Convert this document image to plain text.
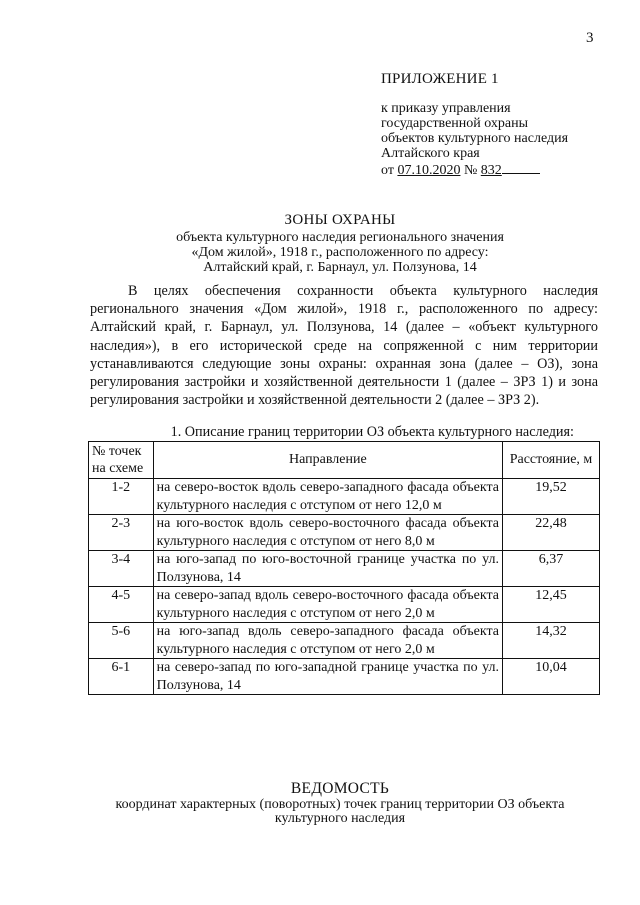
3
ПРИЛОЖЕНИЕ 1
к приказу управления
государственной охраны
объектов культурного наследия
Алтайского края
от 07.10.2020 № 832
ЗОНЫ ОХРАНЫ
объекта культурного наследия регионального значения
«Дом жилой», 1918 г., расположенного по адресу:
Алтайский край, г. Барнаул, ул. Ползунова, 14

В целях обеспечения сохранности объекта культурного наследия регионального значения «Дом жилой», 1918 г., расположенного по адресу: Алтайский край, г. Барнаул, ул. Ползунова, 14 (далее – «объект культурного наследия»), в его исторической среде на сопряженной с ним территории устанавливаются следующие зоны охраны: охранная зона (далее – ОЗ), зона регулирования застройки и хозяйственной деятельности 1 (далее – ЗРЗ 1) и зона регулирования застройки и хозяйственной деятельности 2 (далее – ЗРЗ 2).

1. Описание границ территории ОЗ объекта культурного наследия:
№ точек на схеме	Направление	Расстояние, м
1-2	на северо-восток вдоль северо-западного фасада объекта культурного наследия с отступом от него 12,0 м	19,52
2-3	на юго-восток вдоль северо-восточного фасада объекта культурного наследия с отступом от него 8,0 м	22,48
3-4	на юго-запад по юго-восточной границе участка по ул. Ползунова, 14	6,37
4-5	на северо-запад вдоль северо-восточного фасада объекта культурного наследия с отступом от него 2,0 м	12,45
5-6	на юго-запад вдоль северо-западного фасада объекта культурного наследия с отступом от него 2,0 м	14,32
6-1	на северо-запад по юго-западной границе участка по ул. Ползунова, 14	10,04
ВЕДОМОСТЬ
координат характерных (поворотных) точек границ территории ОЗ объекта
культурного наследия
